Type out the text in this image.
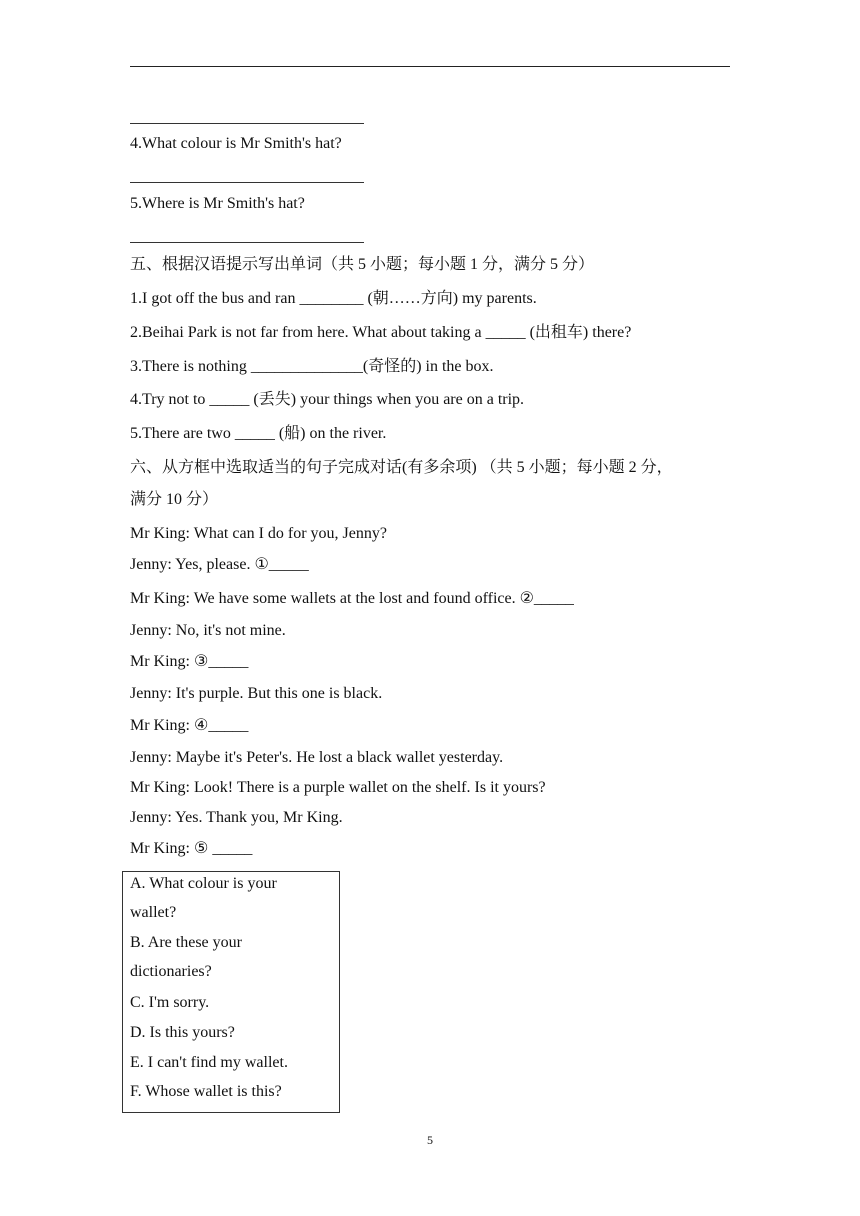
4.What colour is Mr Smith's hat?
5.Where is Mr Smith's hat?
五、根据汉语提示写出单词（共 5 小题；每小题 1 分，满分 5 分）
1.I got off the bus and ran ________ (朝……方向) my parents.
2.Beihai Park is not far from here. What about taking a _____ (出租车) there?
3.There is nothing ______________(奇怪的) in the box.
4.Try not to _____ (丢失) your things when you are on a trip.
5.There are two _____ (船) on the river.
六、从方框中选取适当的句子完成对话(有多余项) （共 5 小题；每小题 2 分，
满分 10 分）
Mr King: What can I do for you, Jenny?
Jenny: Yes, please. ①_____
Mr King: We have some wallets at the lost and found office. ②_____
Jenny: No, it's not mine.
Mr King: ③_____
Jenny: It's purple. But this one is black.
Mr King: ④_____
Jenny: Maybe it's Peter's. He lost a black wallet yesterday.
Mr King: Look! There is a purple wallet on the shelf. Is it yours?
Jenny: Yes. Thank you, Mr King.
Mr King: ⑤ _____
A. What colour is your
wallet?
B. Are these your
dictionaries?
C. I'm sorry.
D. Is this yours?
E. I can't find my wallet.
F. Whose wallet is this?
5
